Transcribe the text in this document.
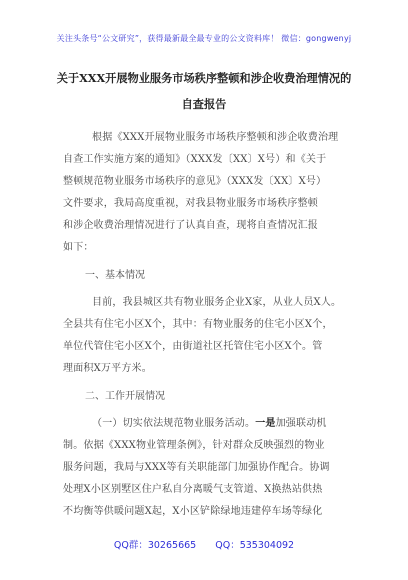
关注头条号“公文研究”，获得最新最全最专业的公文资料库！ 微信：gongwenyj
关于XXX开展物业服务市场秩序整顿和涉企收费治理情况的
自查报告
根据《XXX开展物业服务市场秩序整顿和涉企收费治理
自查工作实施方案的通知》（XXX发〔XX〕X号）和《关于
整顿规范物业服务市场秩序的意见》（XXX发〔XX〕X号）
文件要求，我局高度重视，对我县物业服务市场秩序整顿
和涉企收费治理情况进行了认真自查，现将自查情况汇报
如下：
一、基本情况
目前，我县城区共有物业服务企业X家，从业人员X人。
全县共有住宅小区X个，其中：有物业服务的住宅小区X个，
单位代管住宅小区X个，由街道社区托管住宅小区X个。管
理面积X万平方米。
二、工作开展情况
（一）切实依法规范物业服务活动。一是加强联动机
制。依据《XXX物业管理条例》，针对群众反映强烈的物业
服务问题，我局与XXX等有关职能部门加强协作配合。协调
处理X小区别墅区住户私自分离暖气支管道、X换热站供热
不均衡等供暖问题X起，X小区铲除绿地违建停车场等绿化
QQ群：30265665 QQ：535304092
